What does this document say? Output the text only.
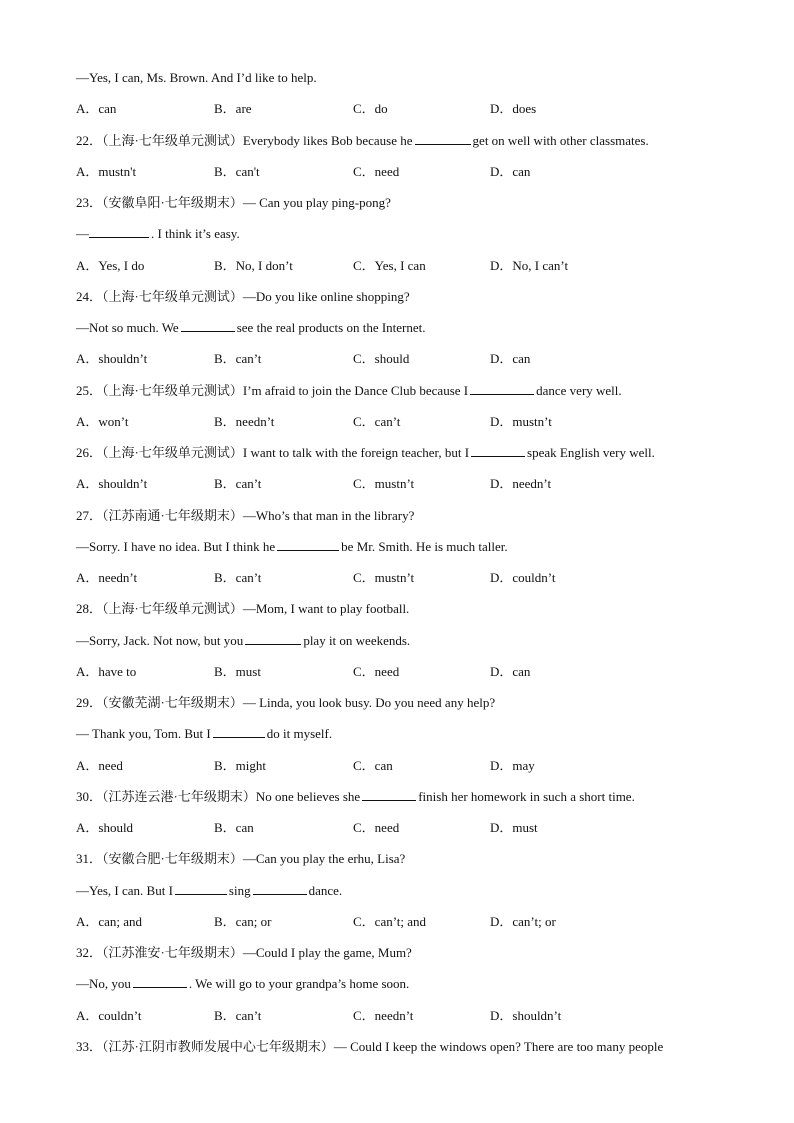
—Yes, I can, Ms. Brown. And I’d like to help.
A．can	B．are	C．do	D．does
22．（上海·七年级单元测试）Everybody likes Bob because he	get on well with other classmates.
A．mustn't	B．can't	C．need	D．can
23．（安徽阜阳·七年级期末）— Can you play ping-pong?
—	. I think it’s easy.
A．Yes, I do	B．No, I don’t	C．Yes, I can	D．No, I can’t
24．（上海·七年级单元测试）—Do you like online shopping?
—Not so much. We	see the real products on the Internet.
A．shouldn’t	B．can’t	C．should	D．can
25．（上海·七年级单元测试）I’m afraid to join the Dance Club because I	dance very well.
A．won’t	B．needn’t	C．can’t	D．mustn’t
26．（上海·七年级单元测试）I want to talk with the foreign teacher, but I	speak English very well.
A．shouldn’t	B．can’t	C．mustn’t	D．needn’t
27．（江苏南通·七年级期末）—Who’s that man in the library?
—Sorry. I have no idea. But I think he	be Mr. Smith. He is much taller.
A．needn’t	B．can’t	C．mustn’t	D．couldn’t
28．（上海·七年级单元测试）—Mom, I want to play football.
—Sorry, Jack. Not now, but you	play it on weekends.
A．have to	B．must	C．need	D．can
29．（安徽芜湖·七年级期末）— Linda, you look busy. Do you need any help?
— Thank you, Tom. But I	do it myself.
A．need	B．might	C．can	D．may
30．（江苏连云港·七年级期末）No one believes she	finish her homework in such a short time.
A．should	B．can	C．need	D．must
31．（安徽合肥·七年级期末）—Can you play the erhu, Lisa?
—Yes, I can. But I	sing	dance.
A．can; and	B．can; or	C．can’t; and	D．can’t; or
32．（江苏淮安·七年级期末）—Could I play the game, Mum?
—No, you	. We will go to your grandpa’s home soon.
A．couldn’t	B．can’t	C．needn’t	D．shouldn’t
33．（江苏·江阴市教师发展中心七年级期末）— Could I keep the windows open? There are too many people
